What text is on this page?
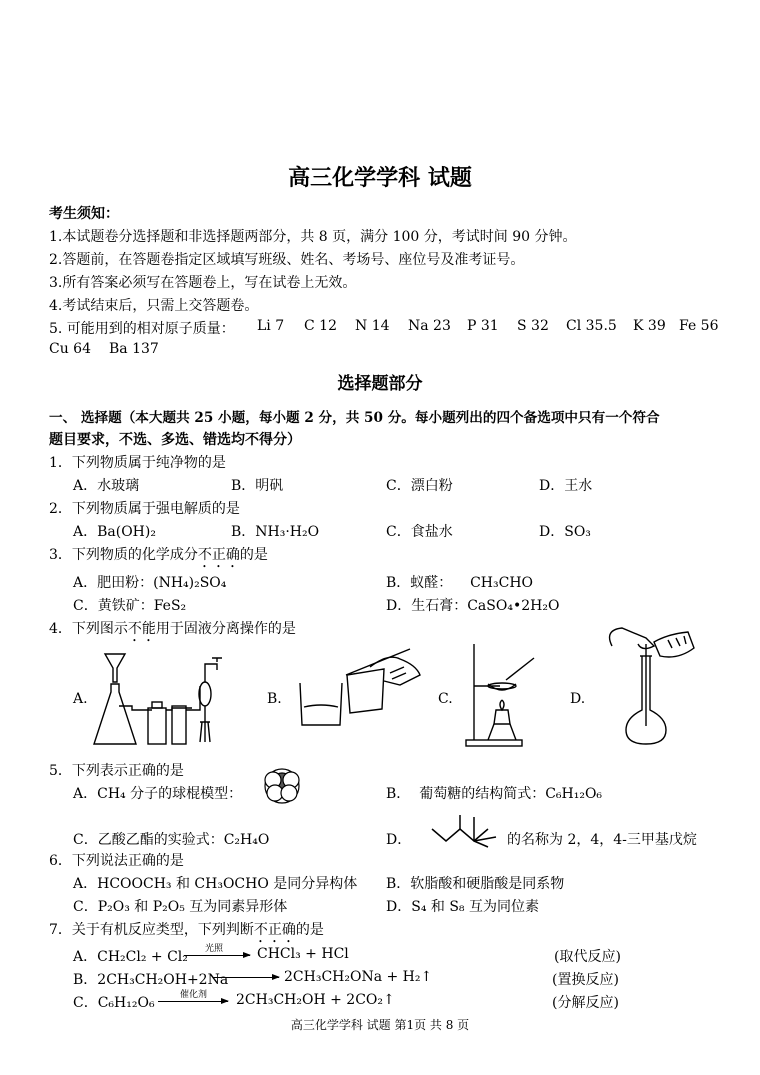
高三化学学科 试题
考生须知：
1.本试题卷分选择题和非选择题两部分，共 8 页，满分 100 分，考试时间 90 分钟。
2.答题前，在答题卷指定区域填写班级、姓名、考场号、座位号及准考证号。
3.所有答案必须写在答题卷上，写在试卷上无效。
4.考试结束后，只需上交答题卷。
5. 可能用到的相对原子质量： Li 7 C 12 N 14 Na 23 P 31 S 32 Cl 35.5 K 39 Fe 56
Cu 64 Ba 137
选择题部分
一、 选择题（本大题共 25 小题，每小题 2 分，共 50 分。每小题列出的四个备选项中只有一个符合
题目要求，不选、多选、错选均不得分）
1．下列物质属于纯净物的是
A．水玻璃	B．明矾	C．漂白粉	D．王水
2．下列物质属于强电解质的是
A．Ba(OH)₂	B．NH₃·H₂O	C．食盐水	D．SO₃
3．下列物质的化学成分不正确的是
A．肥田粉：(NH₄)₂SO₄	B．蚁醛：    CH₃CHO
C．黄铁矿：FeS₂	D．生石膏：CaSO₄•2H₂O
4．下列图示不能用于固液分离操作的是
A.	B.	C.	D.
5．下列表示正确的是
A．CH₄ 分子的球棍模型：	B．  葡萄糖的结构简式：C₆H₁₂O₆
C．乙酸乙酯的实验式：C₂H₄O	D．	的名称为 2，4，4-三甲基戊烷
6．下列说法正确的是
A．HCOOCH₃ 和 CH₃OCHO 是同分异构体 B．软脂酸和硬脂酸是同系物
C．P₂O₃ 和 P₂O₅ 互为同素异形体	D．S₄ 和 S₈ 互为同位素
7．关于有机反应类型，下列判断不正确的是
A．CH₂Cl₂ + Cl₂ 光照 CHCl₃ + HCl	(取代反应)
B．2CH₃CH₂OH+2Na	2CH₃CH₂ONa + H₂↑	(置换反应)
C．C₆H₁₂O₆	催化剂 2CH₃CH₂OH + 2CO₂↑	(分解反应)
高三化学学科 试题 第1页 共 8 页
